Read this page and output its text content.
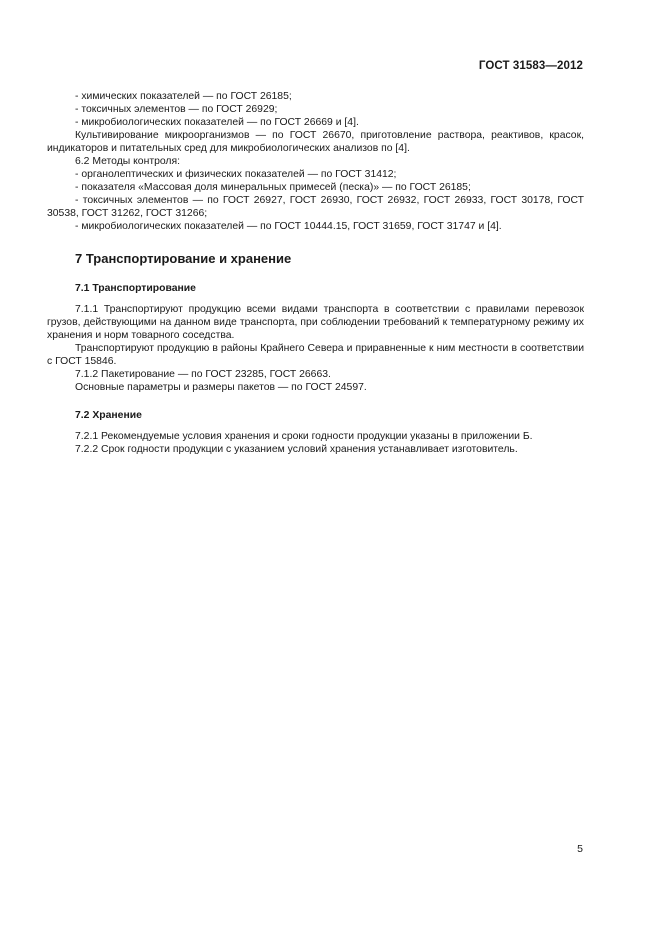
ГОСТ 31583—2012

- химических показателей — по ГОСТ 26185;

- токсичных элементов — по ГОСТ 26929;

- микробиологических показателей — по ГОСТ 26669 и [4].

Культивирование микроорганизмов — по ГОСТ 26670, приготовление раствора, реактивов, красок, индикаторов и питательных сред для микробиологических анализов по [4].

6.2 Методы контроля:

- органолептических и физических показателей — по ГОСТ 31412;

- показателя «Массовая доля минеральных примесей (песка)» — по ГОСТ 26185;

- токсичных элементов — по ГОСТ 26927, ГОСТ 26930, ГОСТ 26932, ГОСТ 26933, ГОСТ 30178, ГОСТ 30538, ГОСТ 31262, ГОСТ 31266;

- микробиологических показателей — по ГОСТ 10444.15, ГОСТ 31659, ГОСТ 31747 и [4].

7 Транспортирование и хранение
7.1 Транспортирование

7.1.1 Транспортируют продукцию всеми видами транспорта в соответствии с правилами перевозок грузов, действующими на данном виде транспорта, при соблюдении требований к температурному режиму их хранения и норм товарного соседства.

Транспортируют продукцию в районы Крайнего Севера и приравненные к ним местности в соответствии с ГОСТ 15846.

7.1.2 Пакетирование — по ГОСТ 23285, ГОСТ 26663.

Основные параметры и размеры пакетов — по ГОСТ 24597.

7.2 Хранение

7.2.1 Рекомендуемые условия хранения и сроки годности продукции указаны в приложении Б.

7.2.2 Срок годности продукции с указанием условий хранения устанавливает изготовитель.

5
